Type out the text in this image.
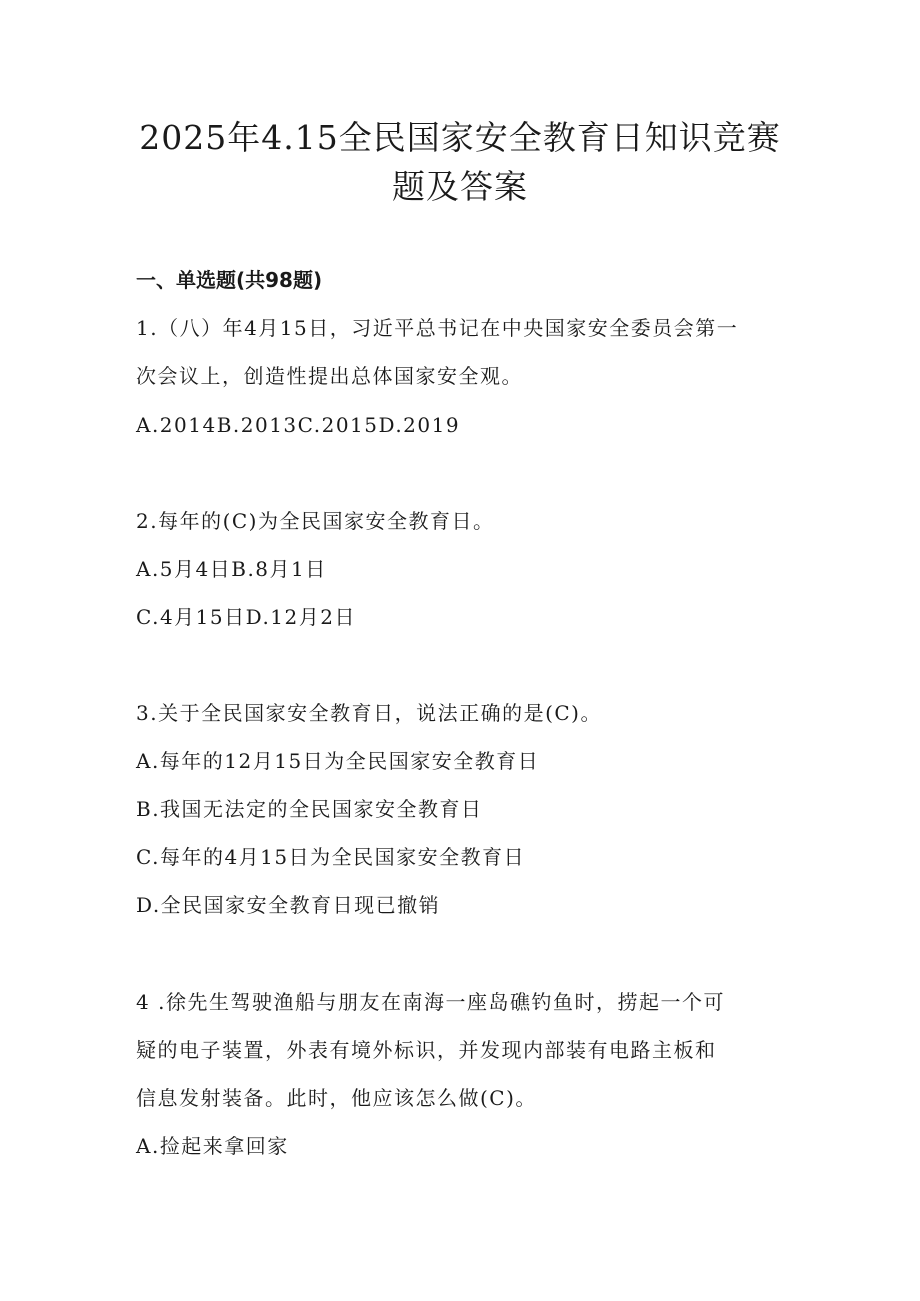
2025年4.15全民国家安全教育日知识竞赛
题及答案
一、单选题(共98题)
1.（八）年4月15日，习近平总书记在中央国家安全委员会第一
次会议上，创造性提出总体国家安全观。
A.2014B.2013C.2015D.2019
2.每年的(C)为全民国家安全教育日。
A.5月4日B.8月1日
C.4月15日D.12月2日
3.关于全民国家安全教育日，说法正确的是(C)。
A.每年的12月15日为全民国家安全教育日
B.我国无法定的全民国家安全教育日
C.每年的4月15日为全民国家安全教育日
D.全民国家安全教育日现已撤销
4 .徐先生驾驶渔船与朋友在南海一座岛礁钓鱼时，捞起一个可
疑的电子装置，外表有境外标识，并发现内部装有电路主板和
信息发射装备。此时，他应该怎么做(C)。
A.捡起来拿回家
